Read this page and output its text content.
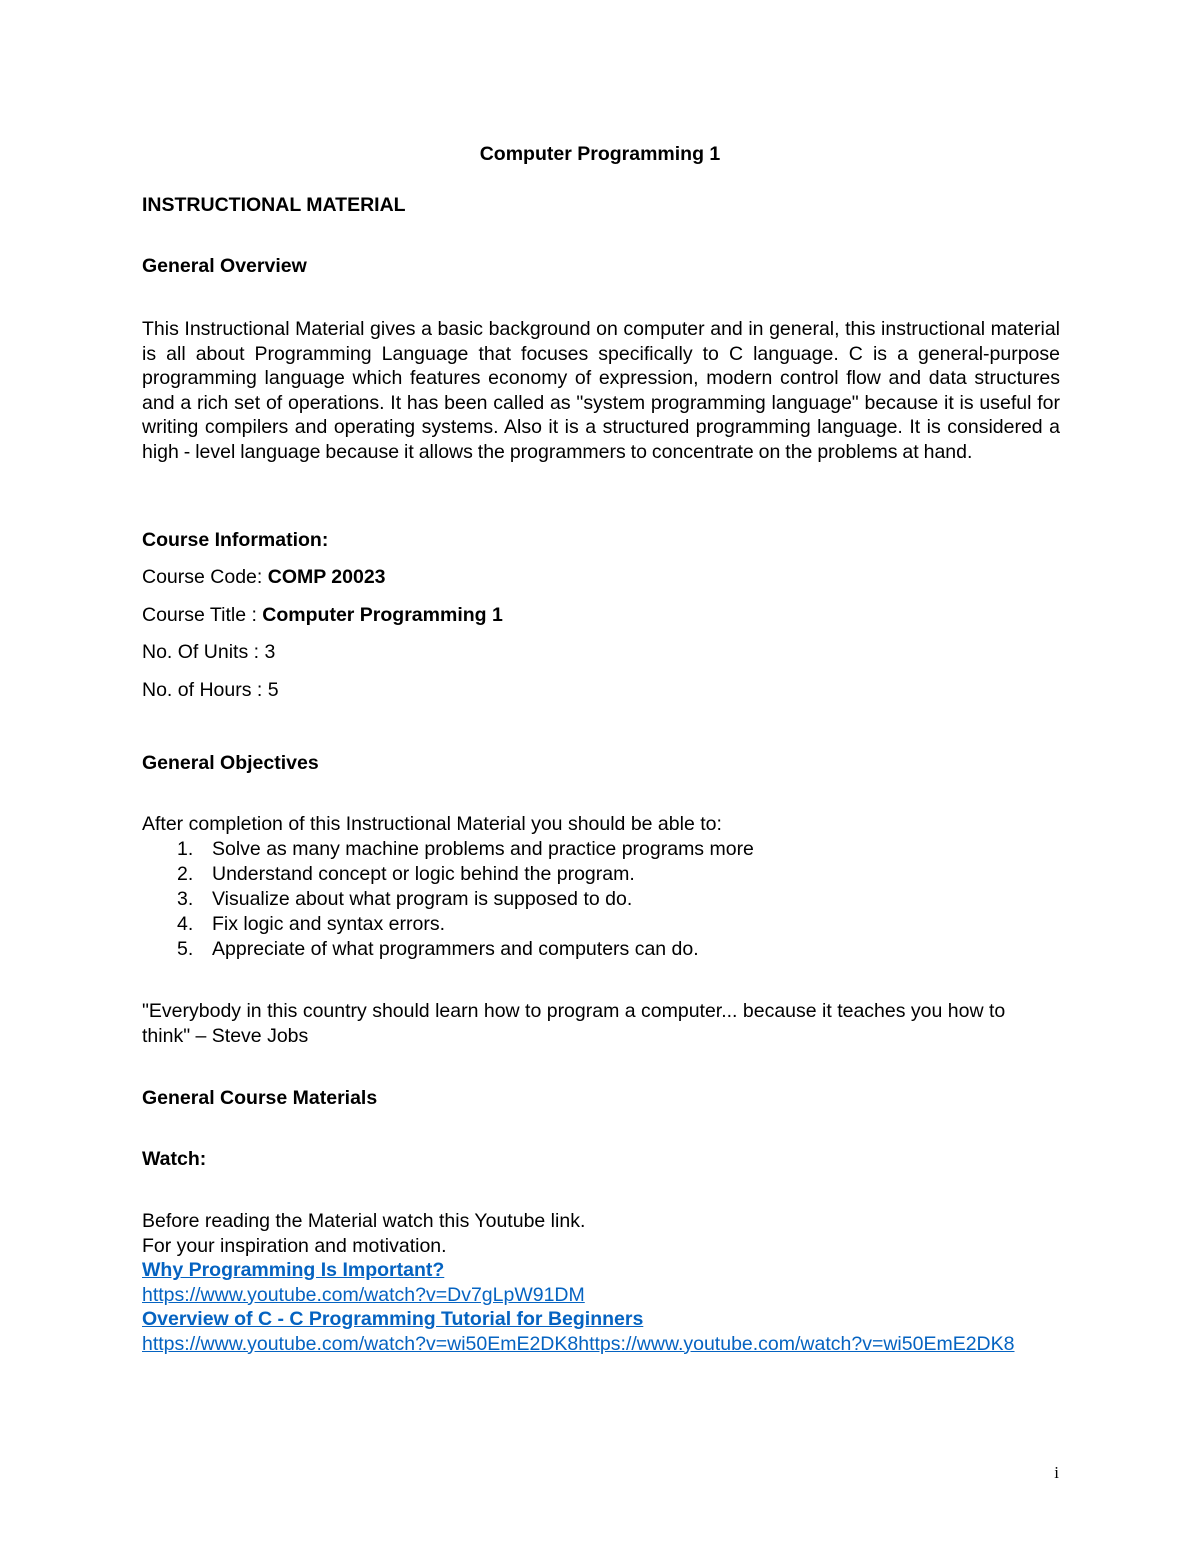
Computer Programming 1

INSTRUCTIONAL MATERIAL

General Overview

This Instructional Material gives a basic background on computer and in general, this instructional material is all about Programming Language that focuses specifically to C language. C is a general-purpose programming language which features economy of expression, modern control flow and data structures and a rich set of operations. It has been called as "system programming language" because it is useful for writing compilers and operating systems. Also it is a structured programming language. It is considered a high - level language because it allows the programmers to concentrate on the problems at hand.

Course Information:

Course Code: COMP 20023

Course Title : Computer Programming 1

No. Of Units : 3

No. of Hours : 5

General Objectives

After completion of this Instructional Material you should be able to:

1. Solve as many machine problems and practice programs more
2. Understand concept or logic behind the program.
3. Visualize about what program is supposed to do.
4. Fix logic and syntax errors.
5. Appreciate of what programmers and computers can do.

"Everybody in this country should learn how to program a computer... because it teaches you how to think" – Steve Jobs

General Course Materials

Watch:

Before reading the Material watch this Youtube link.
For your inspiration and motivation.
Why Programming Is Important?
https://www.youtube.com/watch?v=Dv7gLpW91DM
Overview of C - C Programming Tutorial for Beginners
https://www.youtube.com/watch?v=wi50EmE2DK8https://www.youtube.com/watch?v=wi50EmE2DK8

i
